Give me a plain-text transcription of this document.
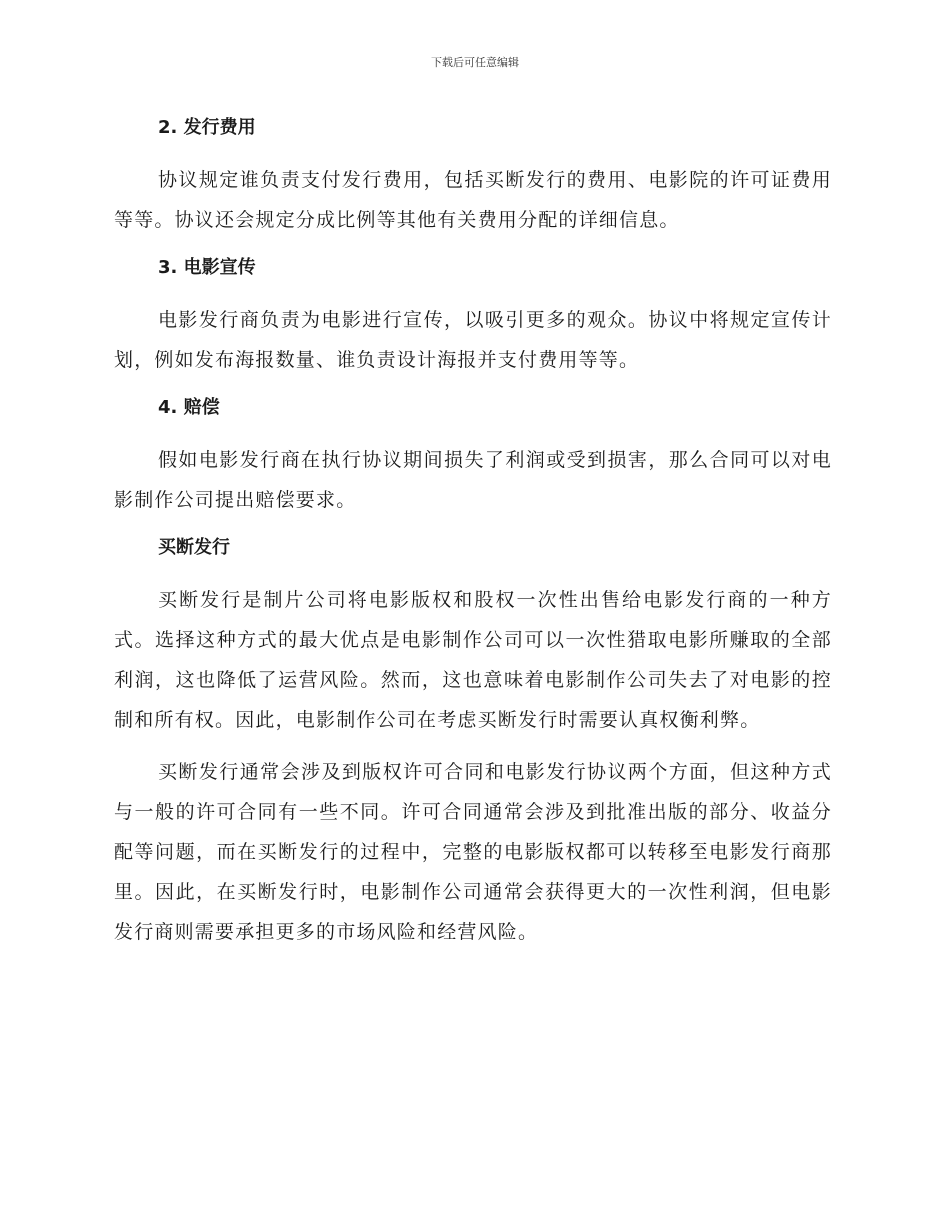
下载后可任意编辑
2. 发行费用

协议规定谁负责支付发行费用，包括买断发行的费用、电影院的许可证费用等等。协议还会规定分成比例等其他有关费用分配的详细信息。

3. 电影宣传

电影发行商负责为电影进行宣传，以吸引更多的观众。协议中将规定宣传计划，例如发布海报数量、谁负责设计海报并支付费用等等。

4. 赔偿

假如电影发行商在执行协议期间损失了利润或受到损害，那么合同可以对电影制作公司提出赔偿要求。

买断发行

买断发行是制片公司将电影版权和股权一次性出售给电影发行商的一种方式。选择这种方式的最大优点是电影制作公司可以一次性猎取电影所赚取的全部利润，这也降低了运营风险。然而，这也意味着电影制作公司失去了对电影的控制和所有权。因此，电影制作公司在考虑买断发行时需要认真权衡利弊。

买断发行通常会涉及到版权许可合同和电影发行协议两个方面，但这种方式与一般的许可合同有一些不同。许可合同通常会涉及到批准出版的部分、收益分配等问题，而在买断发行的过程中，完整的电影版权都可以转移至电影发行商那里。因此，在买断发行时，电影制作公司通常会获得更大的一次性利润，但电影发行商则需要承担更多的市场风险和经营风险。
